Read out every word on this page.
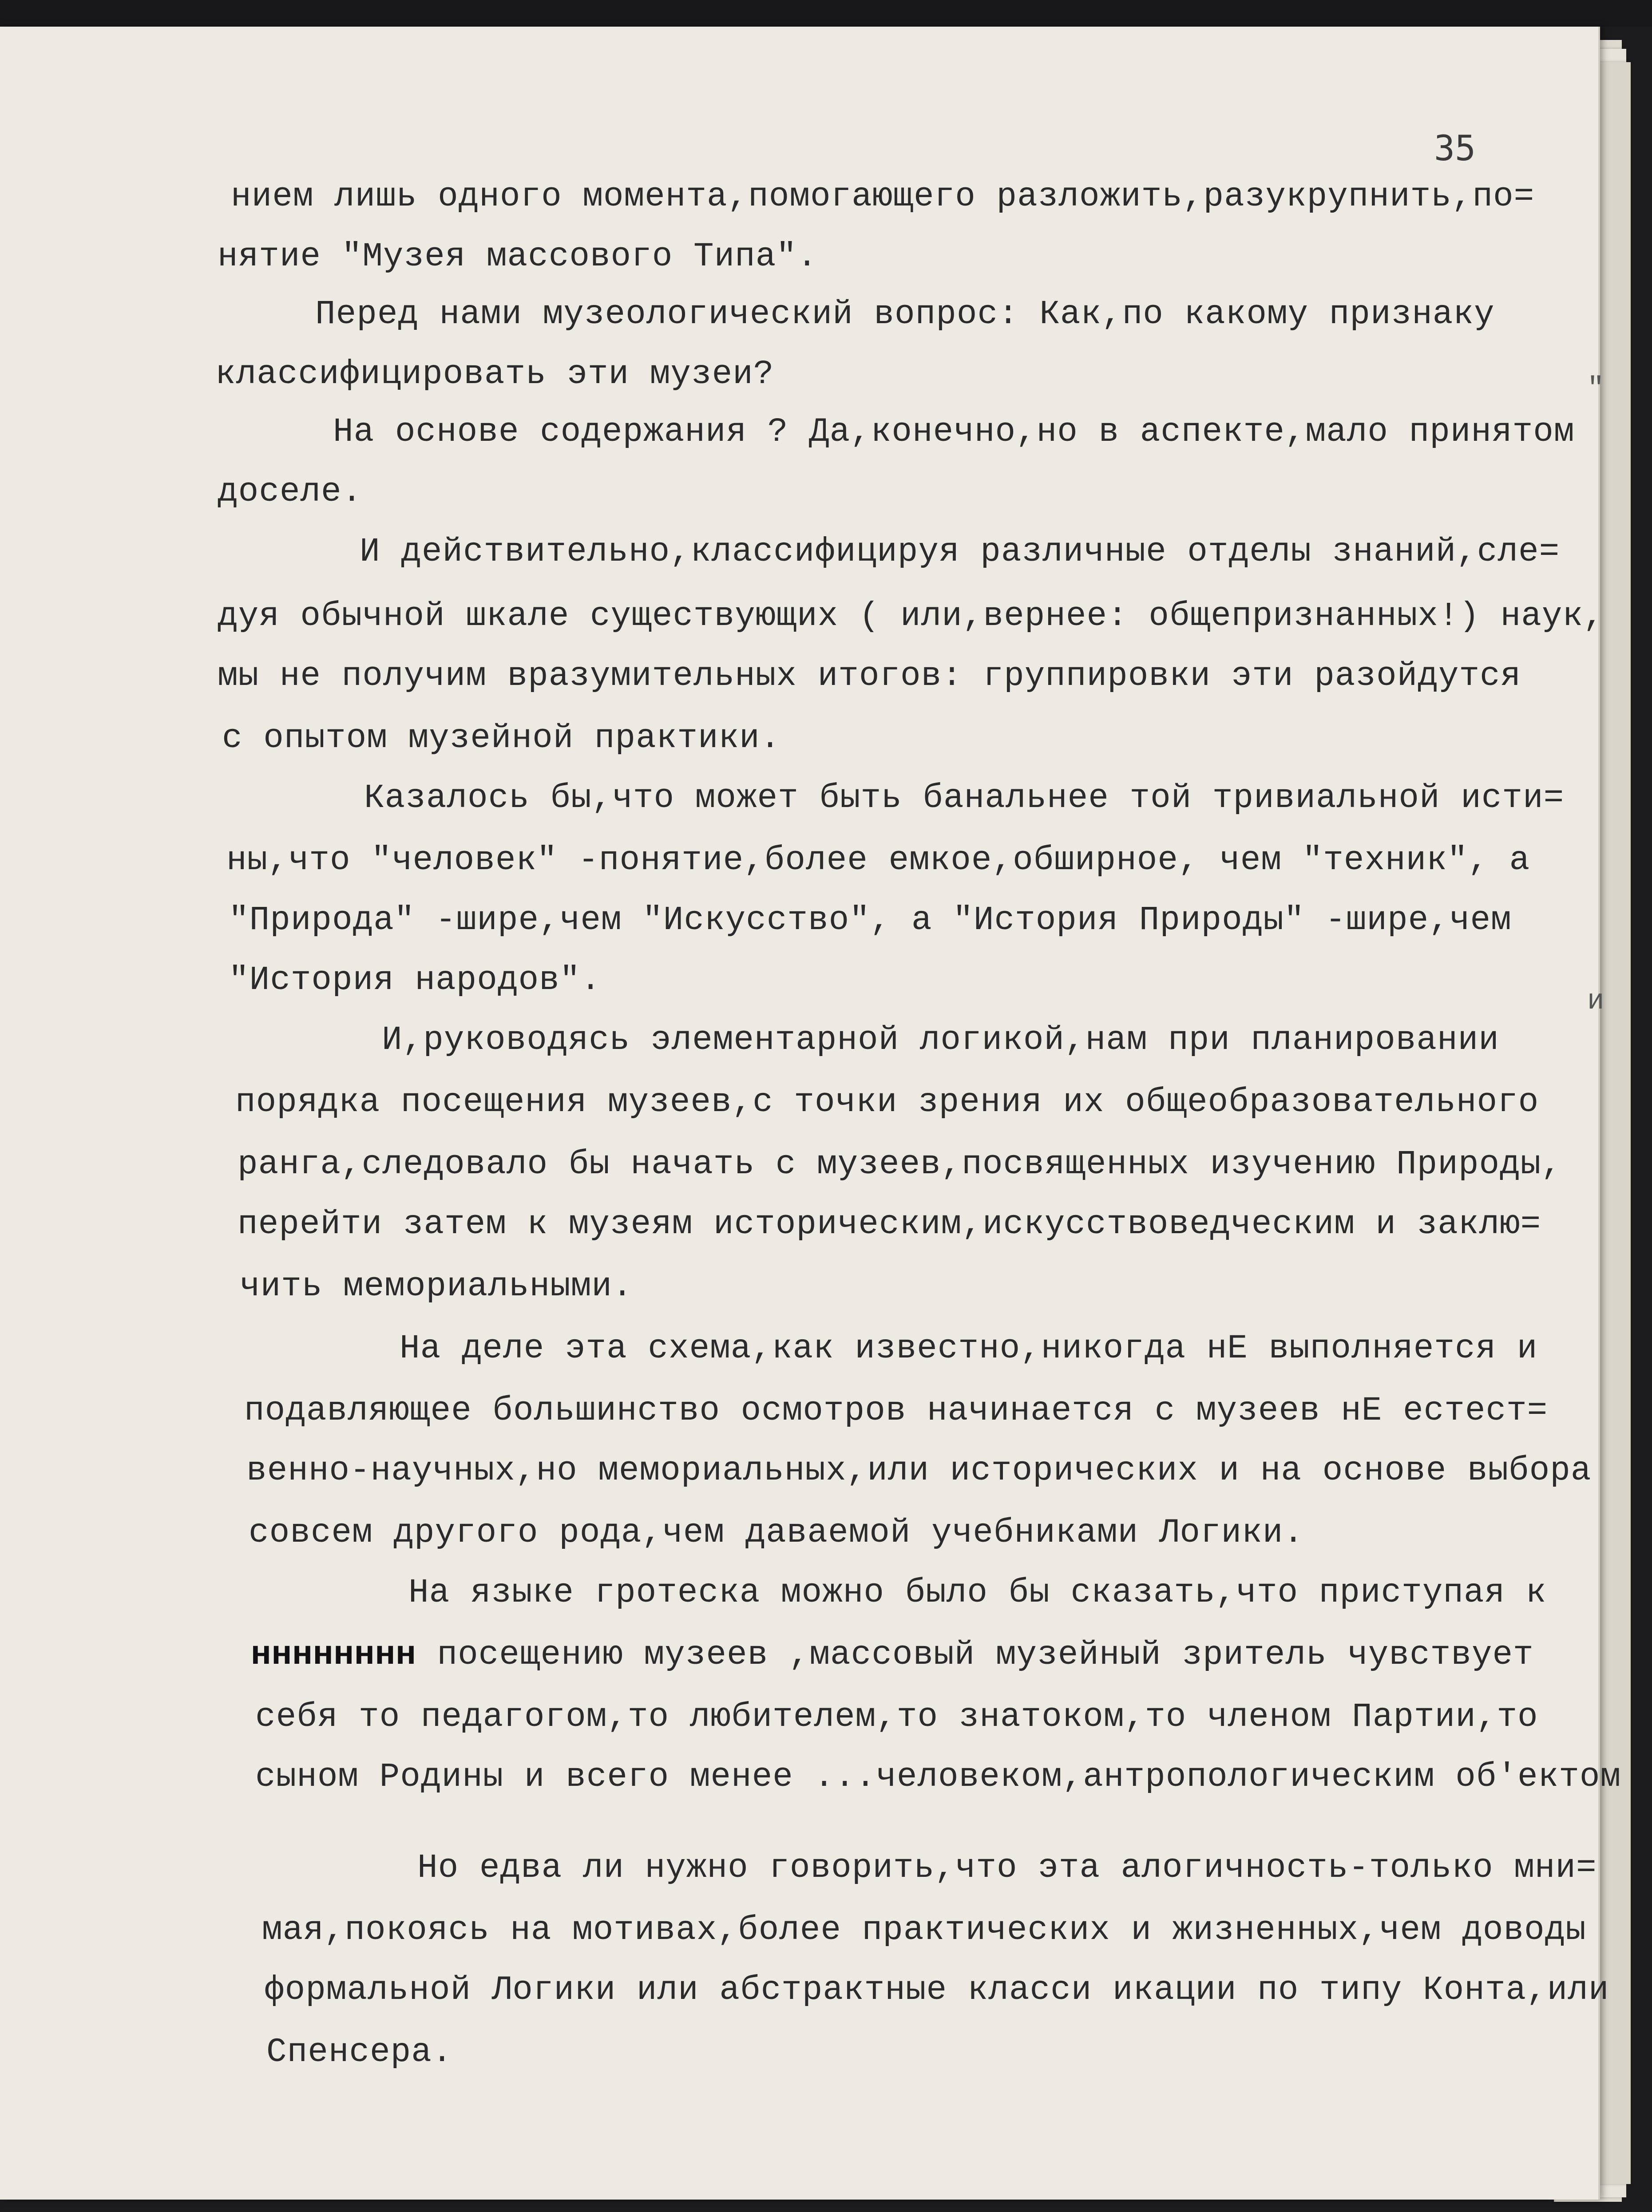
35
нием лишь одного момента,помогающего разложить,разукрупнить,по=
нятие "Музея массового Типа".
Перед нами музеологический вопрос: Как,по какому признаку
классифицировать эти музеи?
На основе содержания ? Да,конечно,но в аспекте,мало принятом
доселе.
И действительно,классифицируя различные отделы знаний,сле=
дуя обычной шкале существующих ( или,вернее: общепризнанных!) наук,
мы не получим вразумительных итогов: группировки эти разойдутся
с опытом музейной практики.
Казалось бы,что может быть банальнее той тривиальной исти=
ны,что "человек" -понятие,более емкое,обширное, чем "техник", а
"Природа" -шире,чем "Искусство", а "История Природы" -шире,чем
"История народов".
И,руководясь элементарной логикой,нам при планировании
порядка посещения музеев,с точки зрения их общеобразовательного
ранга,следовало бы начать с музеев,посвященных изучению Природы,
перейти затем к музеям историческим,искусствоведческим и заклю=
чить мемориальными.
На деле эта схема,как известно,никогда нЕ выполняется и
подавляющее большинство осмотров начинается с музеев нЕ естест=
венно-научных,но мемориальных,или исторических и на основе выбора
совсем другого рода,чем даваемой учебниками Логики.
На языке гротеска можно было бы сказать,что приступая к
нннннннн посещению музеев ,массовый музейный зритель чувствует
себя то педагогом,то любителем,то знатоком,то членом Партии,то
сыном Родины и всего менее ...человеком,антропологическим об'ектом
Но едва ли нужно говорить,что эта алогичность-только мни=
мая,покоясь на мотивах,более практических и жизненных,чем доводы
формальной Логики или абстрактные класси икации по типу Конта,или
Спенсера.
"
и
